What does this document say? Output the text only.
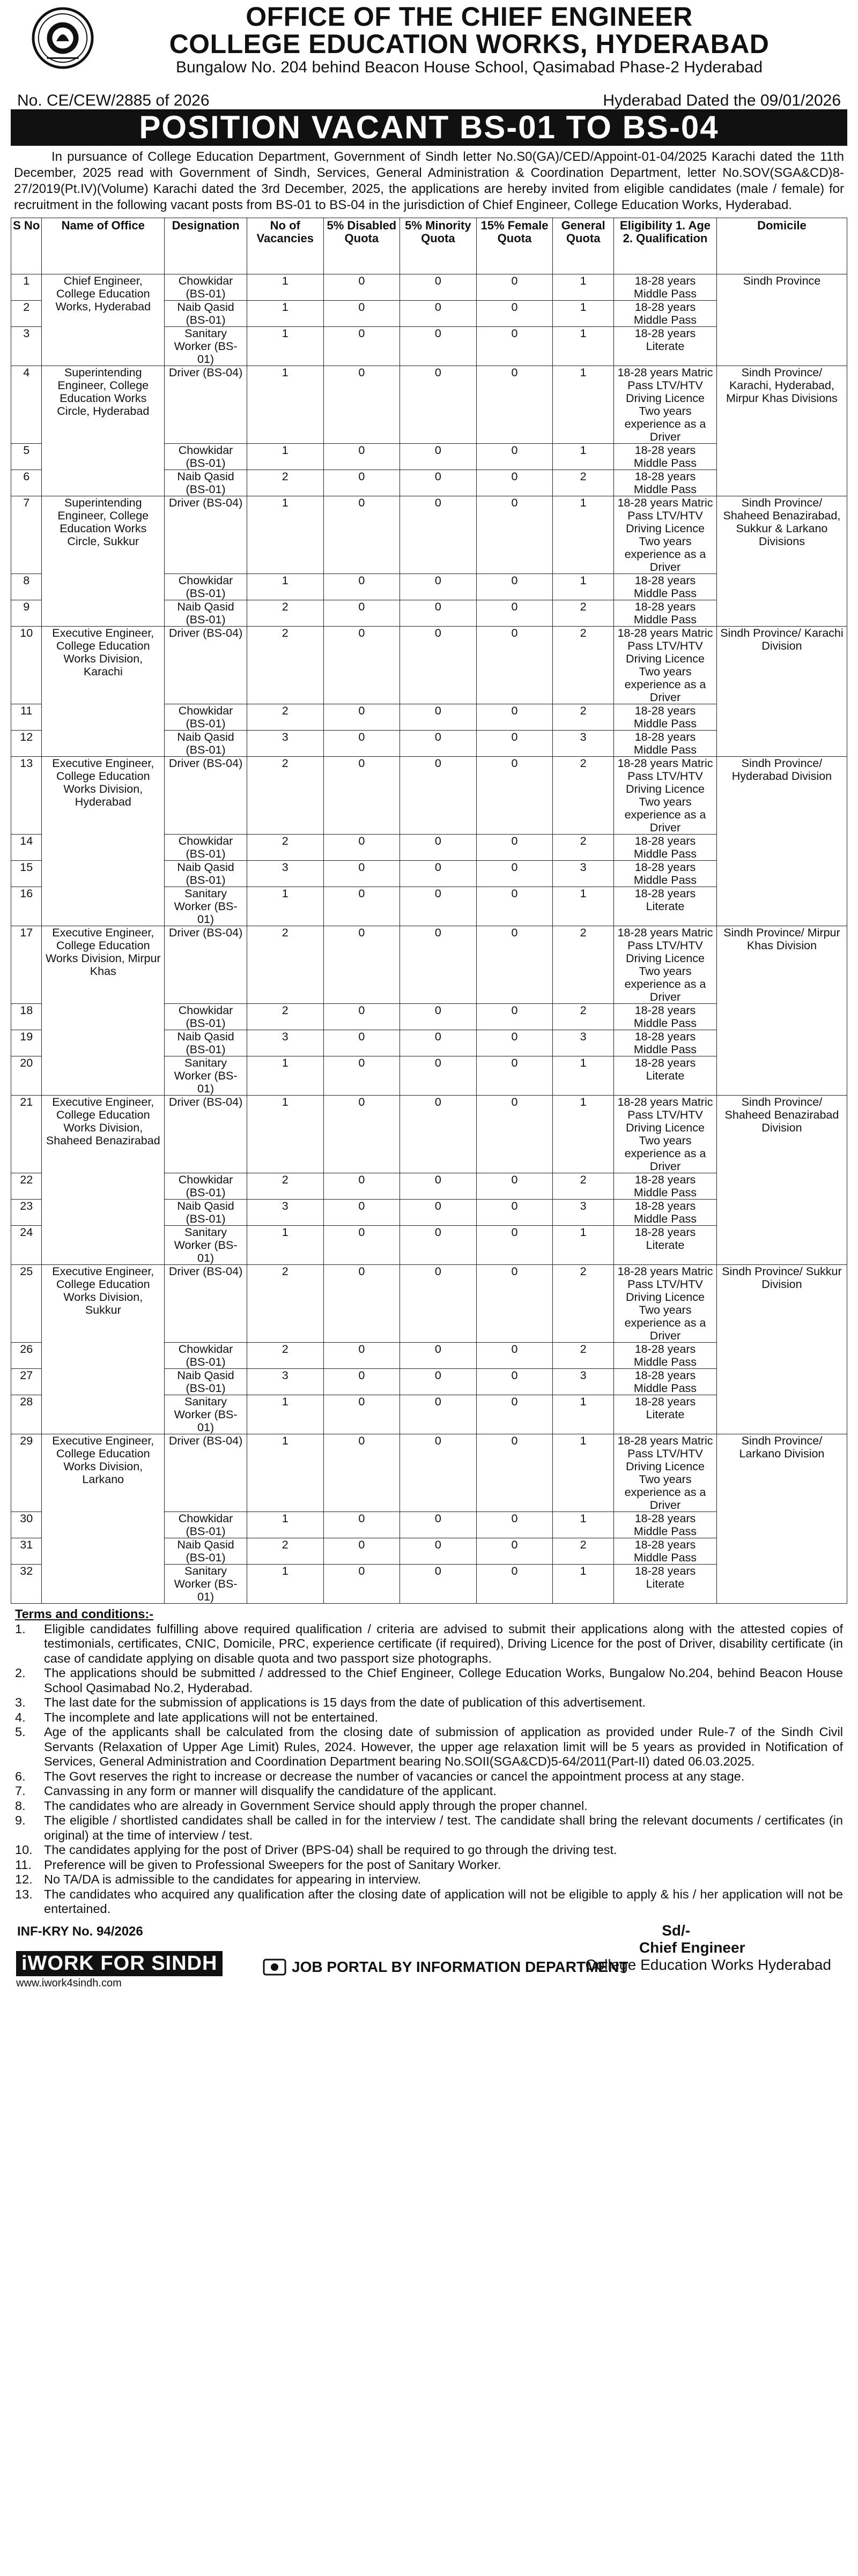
OFFICE OF THE CHIEF ENGINEER
COLLEGE EDUCATION WORKS, HYDERABAD
Bungalow No. 204 behind Beacon House School, Qasimabad Phase-2 Hyderabad
No. CE/CEW/2885 of 2026	Hyderabad Dated the 09/01/2026
POSITION VACANT BS-01 TO BS-04
In pursuance of College Education Department, Government of Sindh letter No.S0(GA)/CED/Appoint-01-04/2025 Karachi dated the 11th December, 2025 read with Government of Sindh, Services, General Administration & Coordination Department, letter No.SOV(SGA&CD)8-27/2019(Pt.IV)(Volume) Karachi dated the 3rd December, 2025, the applications are hereby invited from eligible candidates (male / female) for recruitment in the following vacant posts from BS-01 to BS-04 in the jurisdiction of Chief Engineer, College Education Works, Hyderabad.
S No	Name of Office	Designation	No of Vacancies	5% Disabled Quota	5% Minority Quota	15% Female Quota	General Quota	Eligibility 1. Age 2. Qualification	Domicile
1	Chief Engineer, College Education Works, Hyderabad	Chowkidar (BS-01)	1	0	0	0	1	18-28 years Middle Pass	Sindh Province
2		Naib Qasid (BS-01)	1	0	0	0	1	18-28 years Middle Pass	
3		Sanitary Worker (BS-01)	1	0	0	0	1	18-28 years Literate	
4	Superintending Engineer, College Education Works Circle, Hyderabad	Driver (BS-04)	1	0	0	0	1	18-28 years Matric Pass LTV/HTV Driving Licence Two years experience as a Driver	Sindh Province/ Karachi, Hyderabad, Mirpur Khas Divisions
5		Chowkidar (BS-01)	1	0	0	0	1	18-28 years Middle Pass	
6		Naib Qasid (BS-01)	2	0	0	0	2	18-28 years Middle Pass	
7	Superintending Engineer, College Education Works Circle, Sukkur	Driver (BS-04)	1	0	0	0	1	18-28 years Matric Pass LTV/HTV Driving Licence Two years experience as a Driver	Sindh Province/ Shaheed Benazirabad, Sukkur & Larkano Divisions
8		Chowkidar (BS-01)	1	0	0	0	1	18-28 years Middle Pass	
9		Naib Qasid (BS-01)	2	0	0	0	2	18-28 years Middle Pass	
10	Executive Engineer, College Education Works Division, Karachi	Driver (BS-04)	2	0	0	0	2	18-28 years Matric Pass LTV/HTV Driving Licence Two years experience as a Driver	Sindh Province/ Karachi Division
11		Chowkidar (BS-01)	2	0	0	0	2	18-28 years Middle Pass	
12		Naib Qasid (BS-01)	3	0	0	0	3	18-28 years Middle Pass	
13	Executive Engineer, College Education Works Division, Hyderabad	Driver (BS-04)	2	0	0	0	2	18-28 years Matric Pass LTV/HTV Driving Licence Two years experience as a Driver	Sindh Province/ Hyderabad Division
14		Chowkidar (BS-01)	2	0	0	0	2	18-28 years Middle Pass	
15		Naib Qasid (BS-01)	3	0	0	0	3	18-28 years Middle Pass	
16		Sanitary Worker (BS-01)	1	0	0	0	1	18-28 years Literate	
17	Executive Engineer, College Education Works Division, Mirpur Khas	Driver (BS-04)	2	0	0	0	2	18-28 years Matric Pass LTV/HTV Driving Licence Two years experience as a Driver	Sindh Province/ Mirpur Khas Division
18		Chowkidar (BS-01)	2	0	0	0	2	18-28 years Middle Pass	
19		Naib Qasid (BS-01)	3	0	0	0	3	18-28 years Middle Pass	
20		Sanitary Worker (BS-01)	1	0	0	0	1	18-28 years Literate	
21	Executive Engineer, College Education Works Division, Shaheed Benazirabad	Driver (BS-04)	1	0	0	0	1	18-28 years Matric Pass LTV/HTV Driving Licence Two years experience as a Driver	Sindh Province/ Shaheed Benazirabad Division
22		Chowkidar (BS-01)	2	0	0	0	2	18-28 years Middle Pass	
23		Naib Qasid (BS-01)	3	0	0	0	3	18-28 years Middle Pass	
24		Sanitary Worker (BS-01)	1	0	0	0	1	18-28 years Literate	
25	Executive Engineer, College Education Works Division, Sukkur	Driver (BS-04)	2	0	0	0	2	18-28 years Matric Pass LTV/HTV Driving Licence Two years experience as a Driver	Sindh Province/ Sukkur Division
26		Chowkidar (BS-01)	2	0	0	0	2	18-28 years Middle Pass	
27		Naib Qasid (BS-01)	3	0	0	0	3	18-28 years Middle Pass	
28		Sanitary Worker (BS-01)	1	0	0	0	1	18-28 years Literate	
29	Executive Engineer, College Education Works Division, Larkano	Driver (BS-04)	1	0	0	0	1	18-28 years Matric Pass LTV/HTV Driving Licence Two years experience as a Driver	Sindh Province/ Larkano Division
30		Chowkidar (BS-01)	1	0	0	0	1	18-28 years Middle Pass	
31		Naib Qasid (BS-01)	2	0	0	0	2	18-28 years Middle Pass	
32		Sanitary Worker (BS-01)	1	0	0	0	1	18-28 years Literate	
Terms and conditions:-
1.	Eligible candidates fulfilling above required qualification / criteria are advised to submit their applications along with the attested copies of testimonials, certificates, CNIC, Domicile, PRC, experience certificate (if required), Driving Licence for the post of Driver, disability certificate (in case of candidate applying on disable quota and two passport size photographs.
2.	The applications should be submitted / addressed to the Chief Engineer, College Education Works, Bungalow No.204, behind Beacon House School Qasimabad No.2, Hyderabad.
3.	The last date for the submission of applications is 15 days from the date of publication of this advertisement.
4.	The incomplete and late applications will not be entertained.
5.	Age of the applicants shall be calculated from the closing date of submission of application as provided under Rule-7 of the Sindh Civil Servants (Relaxation of Upper Age Limit) Rules, 2024. However, the upper age relaxation limit will be 5 years as provided in Notification of Services, General Administration and Coordination Department bearing No.SOII(SGA&CD)5-64/2011(Part-II) dated 06.03.2025.
6.	The Govt reserves the right to increase or decrease the number of vacancies or cancel the appointment process at any stage.
7.	Canvassing in any form or manner will disqualify the candidature of the applicant.
8.	The candidates who are already in Government Service should apply through the proper channel.
9.	The eligible / shortlisted candidates shall be called in for the interview / test. The candidate shall bring the relevant documents / certificates (in original) at the time of interview / test.
10. The candidates applying for the post of Driver (BPS-04) shall be required to go through the driving test.
11. Preference will be given to Professional Sweepers for the post of Sanitary Worker.
12. No TA/DA is admissible to the candidates for appearing in interview.
13. The candidates who acquired any qualification after the closing date of application will not be eligible to apply & his / her application will not be entertained.
INF-KRY No. 94/2026
iWORK FOR SINDH
www.iwork4sindh.com
JOB PORTAL BY INFORMATION DEPARTMENT
Sd/-
Chief Engineer
College Education Works Hyderabad
